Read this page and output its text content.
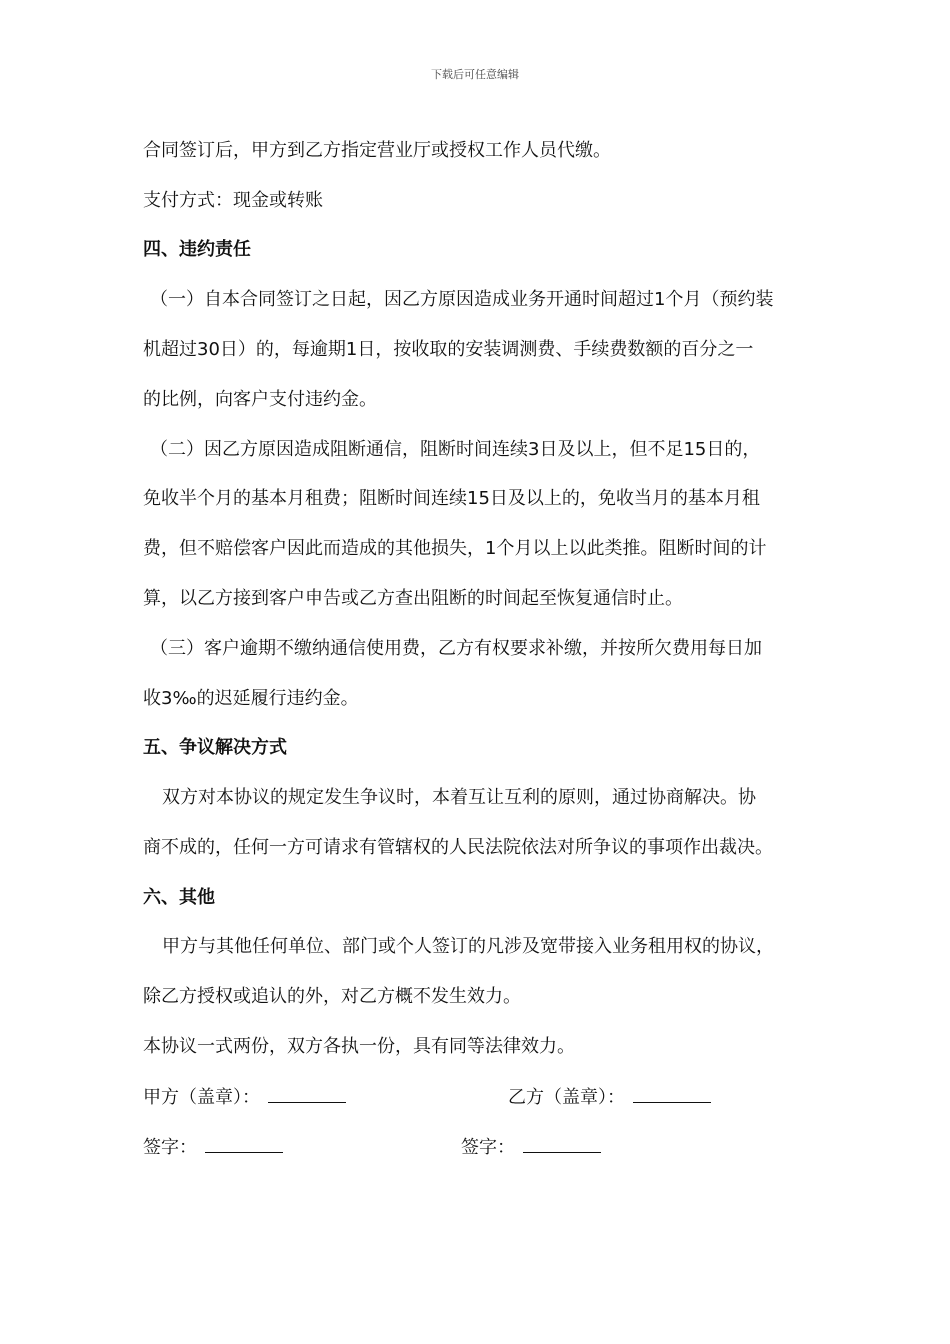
下载后可任意编辑
合同签订后，甲方到乙方指定营业厅或授权工作人员代缴。
支付方式：现金或转账
四、违约责任
（一）自本合同签订之日起，因乙方原因造成业务开通时间超过1个月（预约装
机超过30日）的，每逾期1日，按收取的安装调测费、手续费数额的百分之一
的比例，向客户支付违约金。
（二）因乙方原因造成阻断通信，阻断时间连续3日及以上，但不足15日的，
免收半个月的基本月租费；阻断时间连续15日及以上的，免收当月的基本月租
费，但不赔偿客户因此而造成的其他损失，1个月以上以此类推。阻断时间的计
算，以乙方接到客户申告或乙方查出阻断的时间起至恢复通信时止。
（三）客户逾期不缴纳通信使用费，乙方有权要求补缴，并按所欠费用每日加
收3‰的迟延履行违约金。
五、争议解决方式
双方对本协议的规定发生争议时，本着互让互利的原则，通过协商解决。协
商不成的，任何一方可请求有管辖权的人民法院依法对所争议的事项作出裁决。
六、其他
甲方与其他任何单位、部门或个人签订的凡涉及宽带接入业务租用权的协议，
除乙方授权或追认的外，对乙方概不发生效力。
本协议一式两份，双方各执一份，具有同等法律效力。
甲方（盖章）：	乙方（盖章）：
签字：	签字：
